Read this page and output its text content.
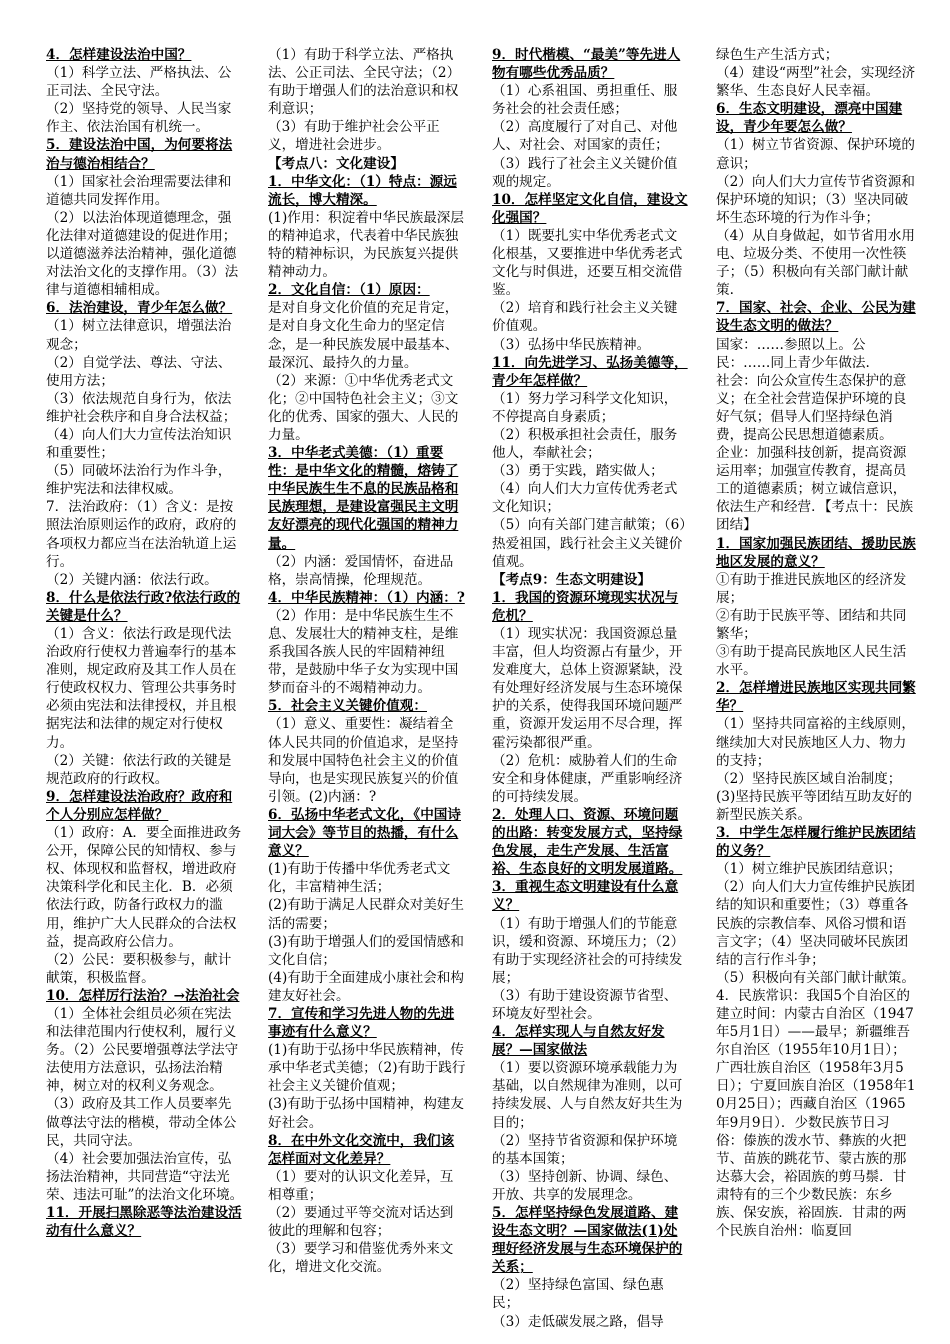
4．怎样建设法治中国？

（1）科学立法、严格执法、公正司法、全民守法。

（2）坚持党的领导、人民当家作主、依法治国有机统一。

5．建设法治中国，为何要将法治与德治相结合？

（1）国家社会治理需要法律和道德共同发挥作用。

（2）以法治体现道德理念，强化法律对道德建设的促进作用；以道德滋养法治精神，强化道德对法治文化的支撑作用。（3）法律与道德相辅相成。

6．法治建设，青少年怎么做？

（1）树立法律意识，增强法治观念；

（2）自觉学法、尊法、守法、使用方法；

（3）依法规范自身行为，依法维护社会秩序和自身合法权益；（4）向人们大力宣传法治知识和重要性；

（5）同破坏法治行为作斗争，维护宪法和法律权威。

7．法治政府：（1）含义：是按照法治原则运作的政府，政府的各项权力都应当在法治轨道上运行。

（2）关键内涵：依法行政。

8．什么是依法行政?依法行政的关键是什么？

（1）含义：依法行政是现代法治政府行使权力普遍奉行的基本准则，规定政府及其工作人员在行使政权权力、管理公共事务时必须由宪法和法律授权，并且根据宪法和法律的规定对行使权力。

（2）关键：依法行政的关键是规范政府的行政权。

9．怎样建设法治政府？政府和个人分别应怎样做？

（1）政府：A．要全面推进政务公开，保障公民的知情权、参与权、体现权和监督权，增进政府决策科学化和民主化．B．必须依法行政，防备行政权力的滥用，维护广大人民群众的合法权益，提高政府公信力。

（2）公民：要积极参与，献计献策，积极监督。

10．怎样厉行法治？→法治社会

（1）全体社会组员必须在宪法和法律范围内行使权利，履行义务。（2）公民要增强尊法学法守法使用方法意识，弘扬法治精神，树立对的权利义务观念。

（3）政府及其工作人员要率先做尊法守法的楷模，带动全体公民，共同守法。

（4）社会要加强法治宣传，弘扬法治精神，共同营造“守法光荣、违法可耻”的法治文化环境。

11．开展扫黑除恶等法治建设活动有什么意义？

（1）有助于科学立法、严格执法、公正司法、全民守法；（2）有助于增强人们的法治意识和权利意识；

（3）有助于维护社会公平正义，增进社会进步。

【考点八：文化建设】

1．中华文化：（1）特点：源远流长，博大精深。

(1)作用：积淀着中华民族最深层的精神追求，代表着中华民族独特的精神标识，为民族复兴提供精神动力。

2．文化自信：（1）原因：

是对自身文化价值的充足肯定，是对自身文化生命力的坚定信念，是一种民族发展中最基本、最深沉、最持久的力量。

（2）来源：①中华优秀老式文化；②中国特色社会主义；③文化的优秀、国家的强大、人民的力量。

3．中华老式美德：（1）重要性：是中华文化的精髓，熔铸了中华民族生生不息的民族品格和民族理想，是建设富强民主文明友好漂亮的现代化强国的精神力量。

（2）内涵：爱国情怀，奋进品格，崇高情操，伦理规范。

4．中华民族精神：（1）内涵：?

（2）作用：是中华民族生生不息、发展壮大的精神支柱，是维系我国各族人民的牢固精神纽带，是鼓励中华子女为实现中国梦而奋斗的不竭精神动力。

5．社会主义关键价值观：

（1）意义、重要性：凝结着全体人民共同的价值追求，是坚持和发展中国特色社会主义的价值导向，也是实现民族复兴的价值引领。(2)内涵：?

6．弘扬中华老式文化，《中国诗词大会》等节目的热播，有什么意义？

(1)有助于传播中华优秀老式文化，丰富精神生活；

(2)有助于满足人民群众对美好生活的需要；

(3)有助于增强人们的爱国情感和文化自信；

(4)有助于全面建成小康社会和构建友好社会。

7．宣传和学习先进人物的先进事迹有什么意义？

(1)有助于弘扬中华民族精神，传承中华老式美德；（2)有助于践行社会主义关键价值观；

(3)有助于弘扬中国精神，构建友好社会。

8．在中外文化交流中，我们该怎样面对文化差异？

（1）要对的认识文化差异，互相尊重；

（2）要通过平等交流对话达到彼此的理解和包容；

（3）要学习和借鉴优秀外来文化，增进文化交流。

9．时代楷模、“最美”等先进人物有哪些优秀品质？

（1）心系祖国、勇担重任、服务社会的社会责任感；

（2）高度履行了对自己、对他人、对社会、对国家的责任；（3）践行了社会主义关键价值观的规定。

10．怎样坚定文化自信，建设文化强国？

（1）既要扎实中华优秀老式文化根基，又要推进中华优秀老式文化与时俱进，还要互相交流借鉴。

（2）培育和践行社会主义关键价值观。

（3）弘扬中华民族精神。

11．向先进学习、弘扬美德等，青少年怎样做？

（1）努力学习科学文化知识，不停提高自身素质；

（2）积极承担社会责任，服务他人，奉献社会；

（3）勇于实践，踏实做人；

（4）向人们大力宣传优秀老式文化知识；

（5）向有关部门建言献策；（6）热爱祖国，践行社会主义关键价值观。

【考点9：生态文明建设】

1．我国的资源环境现实状况与危机？

（1）现实状况：我国资源总量丰富，但人均资源占有量少，开发难度大，总体上资源紧缺，没有处理好经济发展与生态环境保护的关系，使得我国环境问题严重，资源开发运用不尽合理，挥霍污染都很严重。

（2）危机：威胁着人们的生命安全和身体健康，严重影响经济的可持续发展。

2．处理人口、资源、环境问题的出路：转变发展方式，坚持绿色发展，走生产发展、生活富裕、生态良好的文明发展道路。

3．重视生态文明建设有什么意义？

（1）有助于增强人们的节能意识，缓和资源、环境压力；（2）有助于实现经济社会的可持续发展；

（3）有助于建设资源节省型、环境友好型社会。

4．怎样实现人与自然友好发展？—国家做法

（1）要以资源环境承载能力为基础，以自然规律为准则，以可持续发展、人与自然友好共生为目的；

（2）坚持节省资源和保护环境的基本国策；

（3）坚持创新、协调、绿色、开放、共享的发展理念。

5．怎样坚持绿色发展道路、建设生态文明？—国家做法(1)处理好经济发展与生态环境保护的关系；

（2）坚持绿色富国、绿色惠民；

（3）走低碳发展之路，倡导

绿色生产生活方式；

（4）建设“两型”社会，实现经济繁华、生态良好人民幸福。

6．生态文明建设，漂亮中国建设，青少年要怎么做？

（1）树立节省资源、保护环境的意识；

（2）向人们大力宣传节省资源和保护环境的知识；（3）坚决同破坏生态环境的行为作斗争；

（4）从自身做起，如节省用水用电、垃圾分类、不使用一次性筷子；（5）积极向有关部门献计献策.

7．国家、社会、企业、公民为建设生态文明的做法？

国家：……参照以上。公民：……同上青少年做法.

社会：向公众宣传生态保护的意义；在全社会营造保护环境的良好气氛；倡导人们坚持绿色消费，提高公民思想道德素质。

企业：加强科技创新，提高资源运用率；加强宣传教育，提高员工的道德素质；树立诚信意识，依法生产和经营．【考点十：民族团结】

1．国家加强民族团结、援助民族地区发展的意义？

①有助于推进民族地区的经济发展；

②有助于民族平等、团结和共同繁华；

③有助于提高民族地区人民生活水平。

2．怎样增进民族地区实现共同繁华？

（1）坚持共同富裕的主线原则，继续加大对民族地区人力、物力的支持；

（2）坚持民族区域自治制度；(3)坚持民族平等团结互助友好的新型民族关系。

3．中学生怎样履行维护民族团结的义务？

（1）树立维护民族团结意识；

（2）向人们大力宣传维护民族团结的知识和重要性；（3）尊重各民族的宗教信奉、风俗习惯和语言文字；（4）坚决同破坏民族团结的言行作斗争；

（5）积极向有关部门献计献策。

4．民族常识：我国5个自治区的建立时间：内蒙古自治区（1947年5月1日）——最早；新疆维吾尔自治区（1955年10月1日）；广西壮族自治区（1958年3月5日）；宁夏回族自治区（1958年10月25日）；西藏自治区（1965年9月9日）．少数民族节日习俗：傣族的泼水节、彝族的火把节、苗族的跳花节、蒙古族的那达慕大会，裕固族的剪马鬃．甘肃特有的三个少数民族：东乡族、保安族，裕固族．甘肃的两个民族自治州：临夏回
